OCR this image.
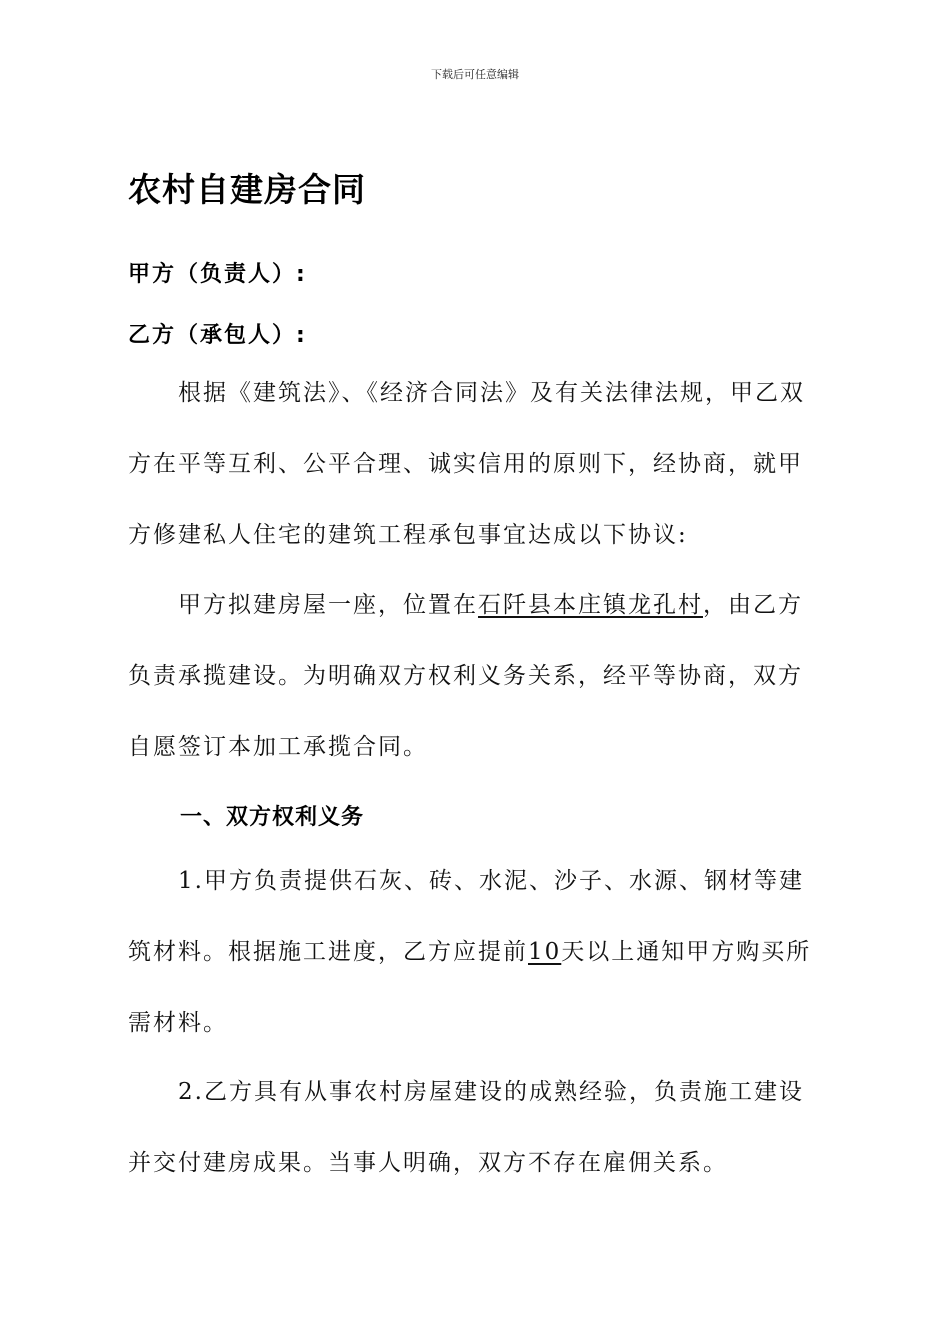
下载后可任意编辑
农村自建房合同
甲方（负责人）:
乙方（承包人）:
根据《建筑法》、《经济合同法》及有关法律法规，甲乙双方在平等互利、公平合理、诚实信用的原则下，经协商，就甲方修建私人住宅的建筑工程承包事宜达成以下协议:
甲方拟建房屋一座，位置在石阡县本庄镇龙孔村，由乙方负责承揽建设。为明确双方权利义务关系，经平等协商，双方自愿签订本加工承揽合同。
一、双方权利义务
1.甲方负责提供石灰、砖、水泥、沙子、水源、钢材等建筑材料。根据施工进度，乙方应提前10天以上通知甲方购买所需材料。
2.乙方具有从事农村房屋建设的成熟经验，负责施工建设并交付建房成果。当事人明确，双方不存在雇佣关系。
